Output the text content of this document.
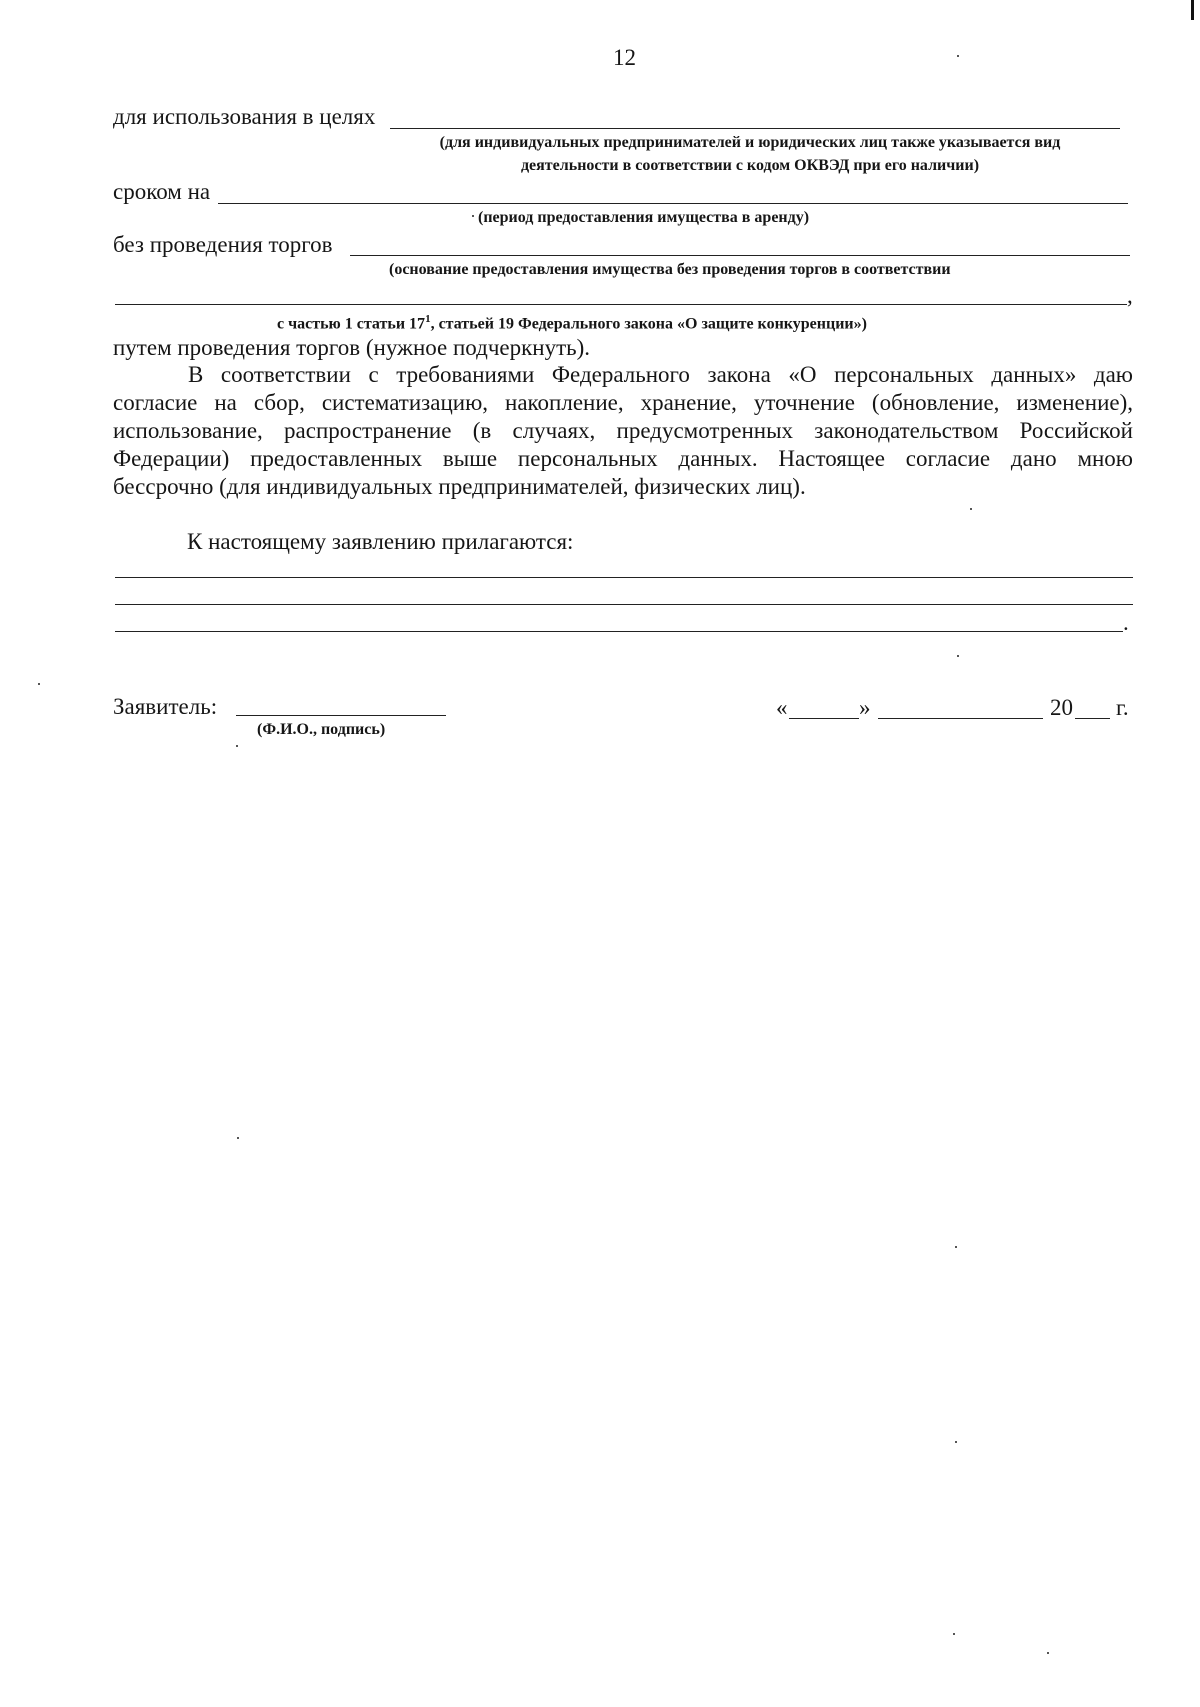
12
для использования в целях
(для индивидуальных предпринимателей и юридических лиц также указывается вид
деятельности в соответствии с кодом ОКВЭД при его наличии)
сроком на
(период предоставления имущества в аренду)
без проведения торгов
(основание предоставления имущества без проведения торгов в соответствии
,
с частью 1 статьи $17^1$, статьей 19 Федерального закона «О защите конкуренции»)
путем проведения торгов (нужное подчеркнуть).
В соответствии с требованиями Федерального закона «О персональных данных» даю
согласие на сбор, систематизацию, накопление, хранение, уточнение (обновление, изменение),
использование, распространение (в случаях, предусмотренных законодательством Российской
Федерации) предоставленных выше персональных данных. Настоящее согласие дано мною
бессрочно (для индивидуальных предпринимателей, физических лиц).
К настоящему заявлению прилагаются:
.
Заявитель:
(Ф.И.О., подпись)
«	»	20 г.
